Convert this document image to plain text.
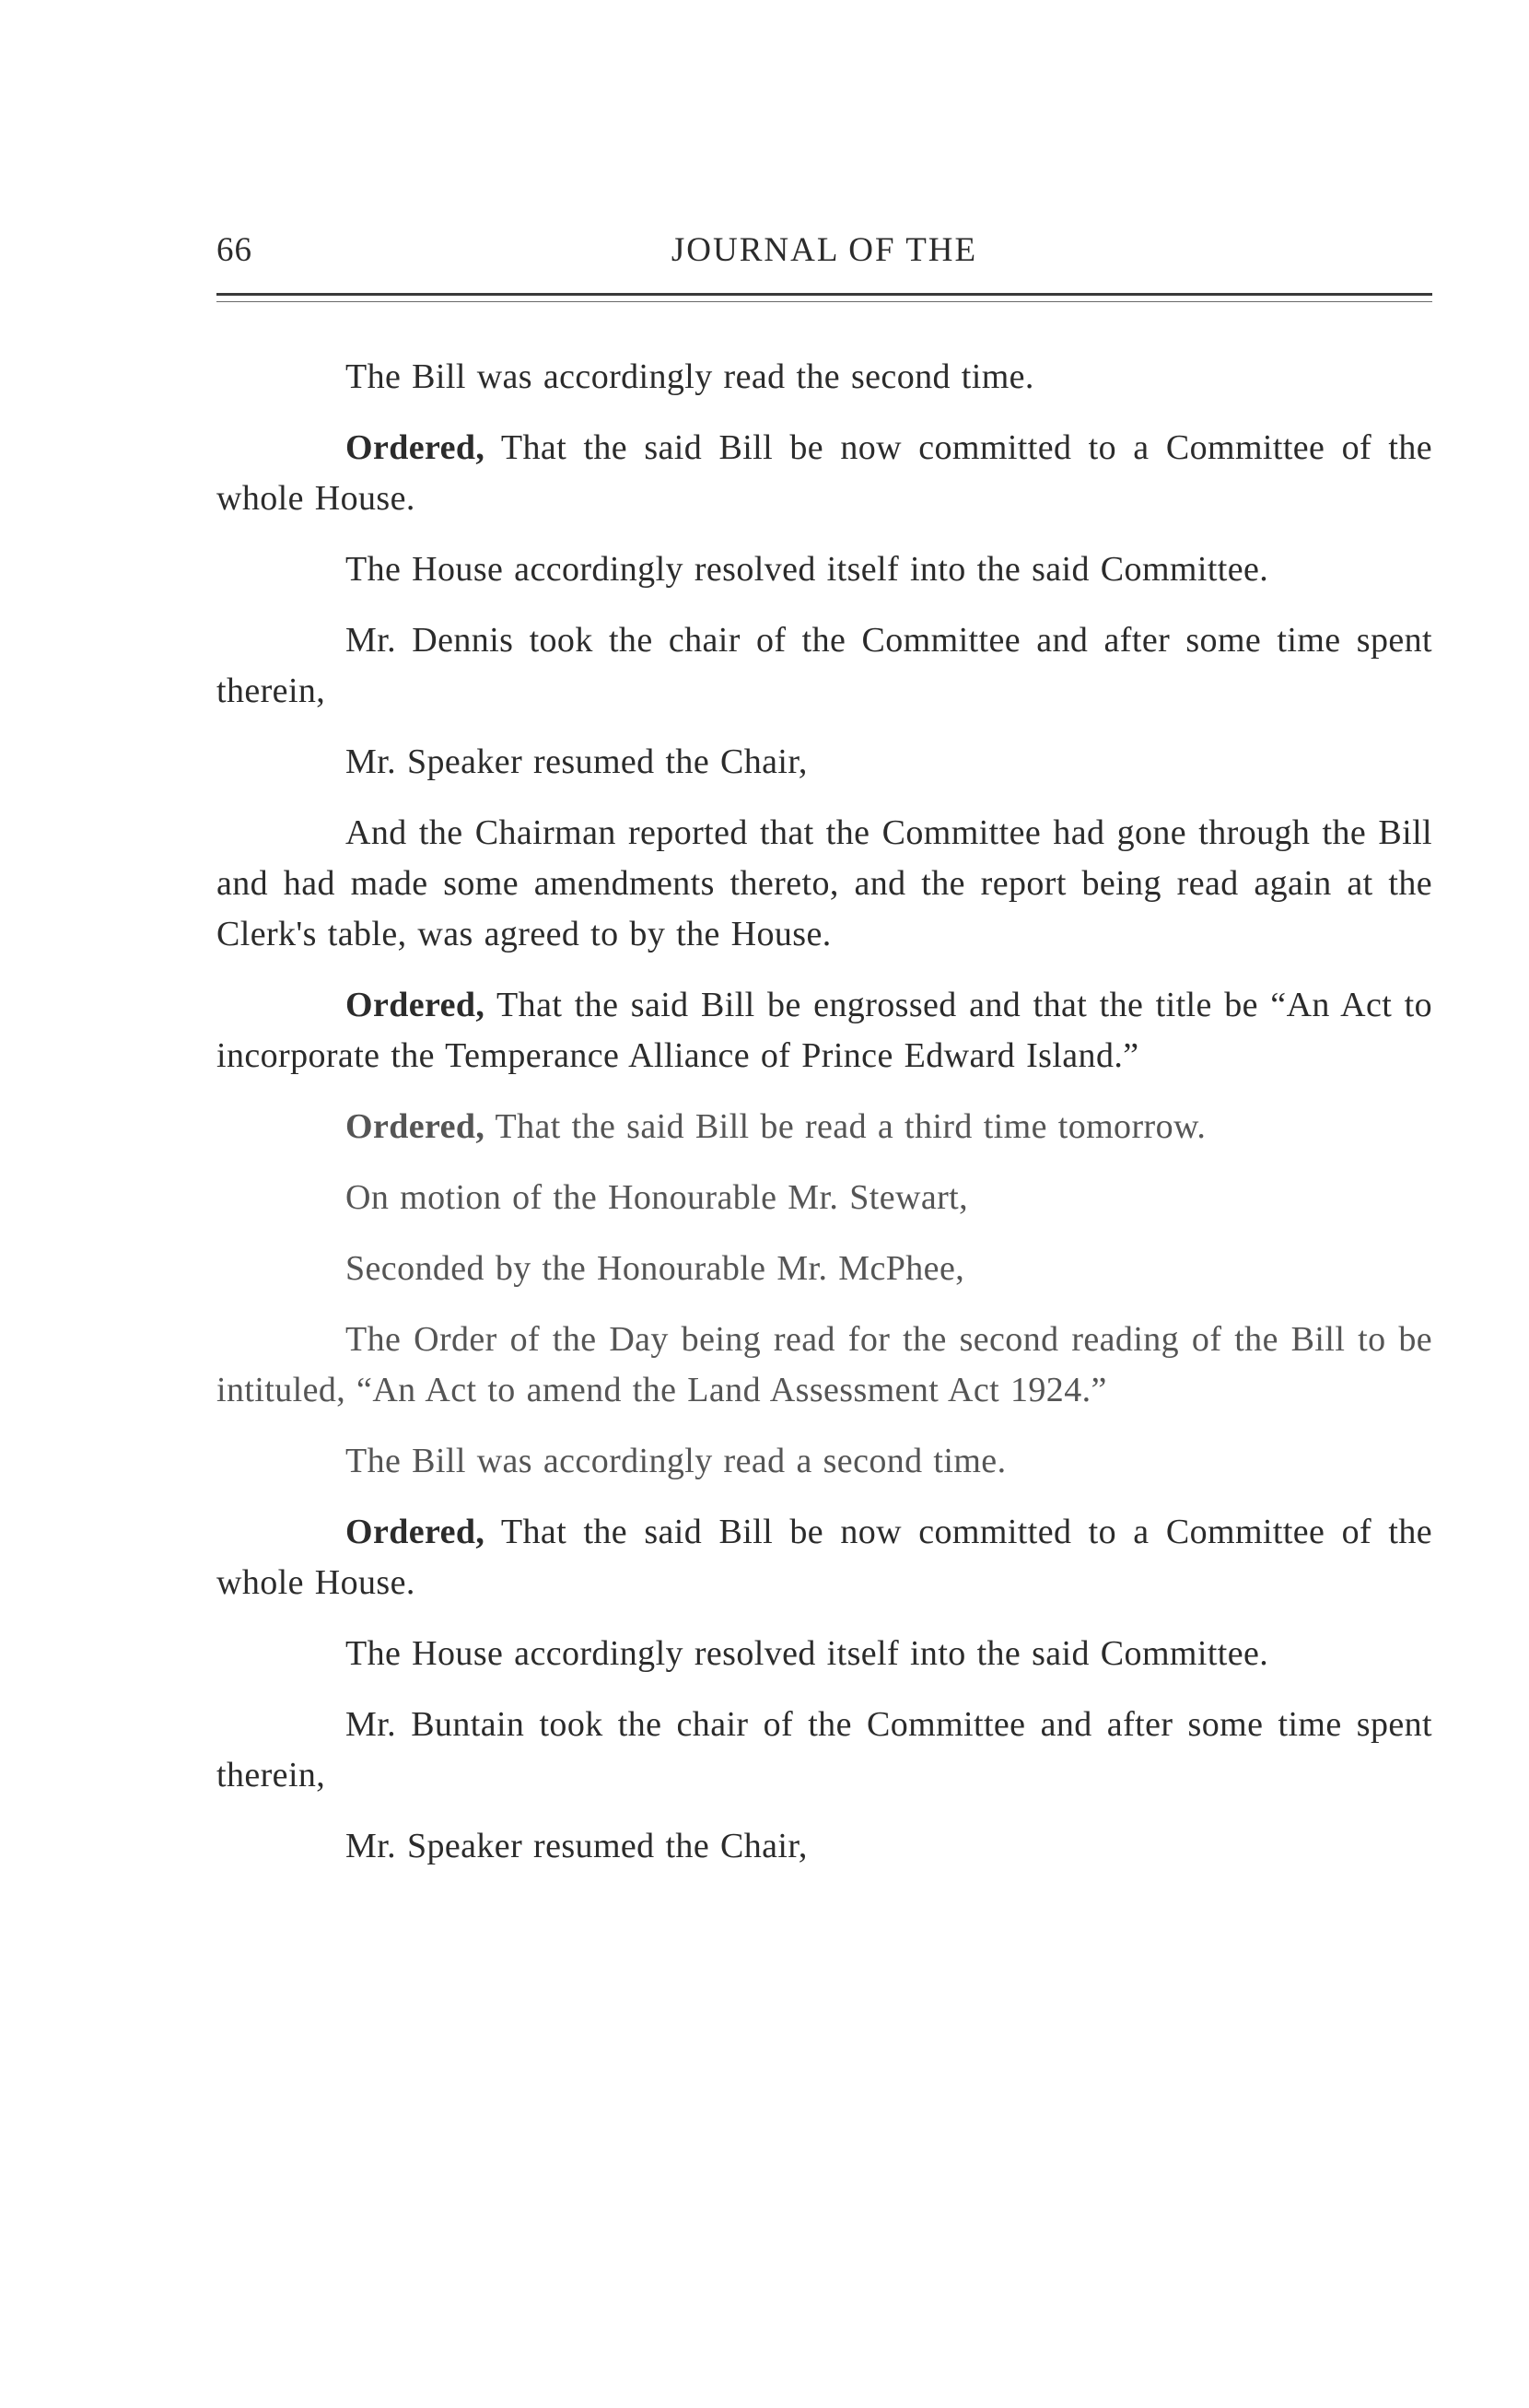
66	JOURNAL OF THE

The Bill was accordingly read the second time.

Ordered, That the said Bill be now committed to a Committee of the whole House.

The House accordingly resolved itself into the said Committee.

Mr. Dennis took the chair of the Committee and after some time spent therein,

Mr. Speaker resumed the Chair,

And the Chairman reported that the Committee had gone through the Bill and had made some amendments thereto, and the report being read again at the Clerk's table, was agreed to by the House.

Ordered, That the said Bill be engrossed and that the title be “An Act to incorporate the Temperance Alliance of Prince Edward Island.”

Ordered, That the said Bill be read a third time tomorrow.

On motion of the Honourable Mr. Stewart,

Seconded by the Honourable Mr. McPhee,

The Order of the Day being read for the second reading of the Bill to be intituled, “An Act to amend the Land Assessment Act 1924.”

The Bill was accordingly read a second time.

Ordered, That the said Bill be now committed to a Committee of the whole House.

The House accordingly resolved itself into the said Committee.

Mr. Buntain took the chair of the Committee and after some time spent therein,

Mr. Speaker resumed the Chair,
